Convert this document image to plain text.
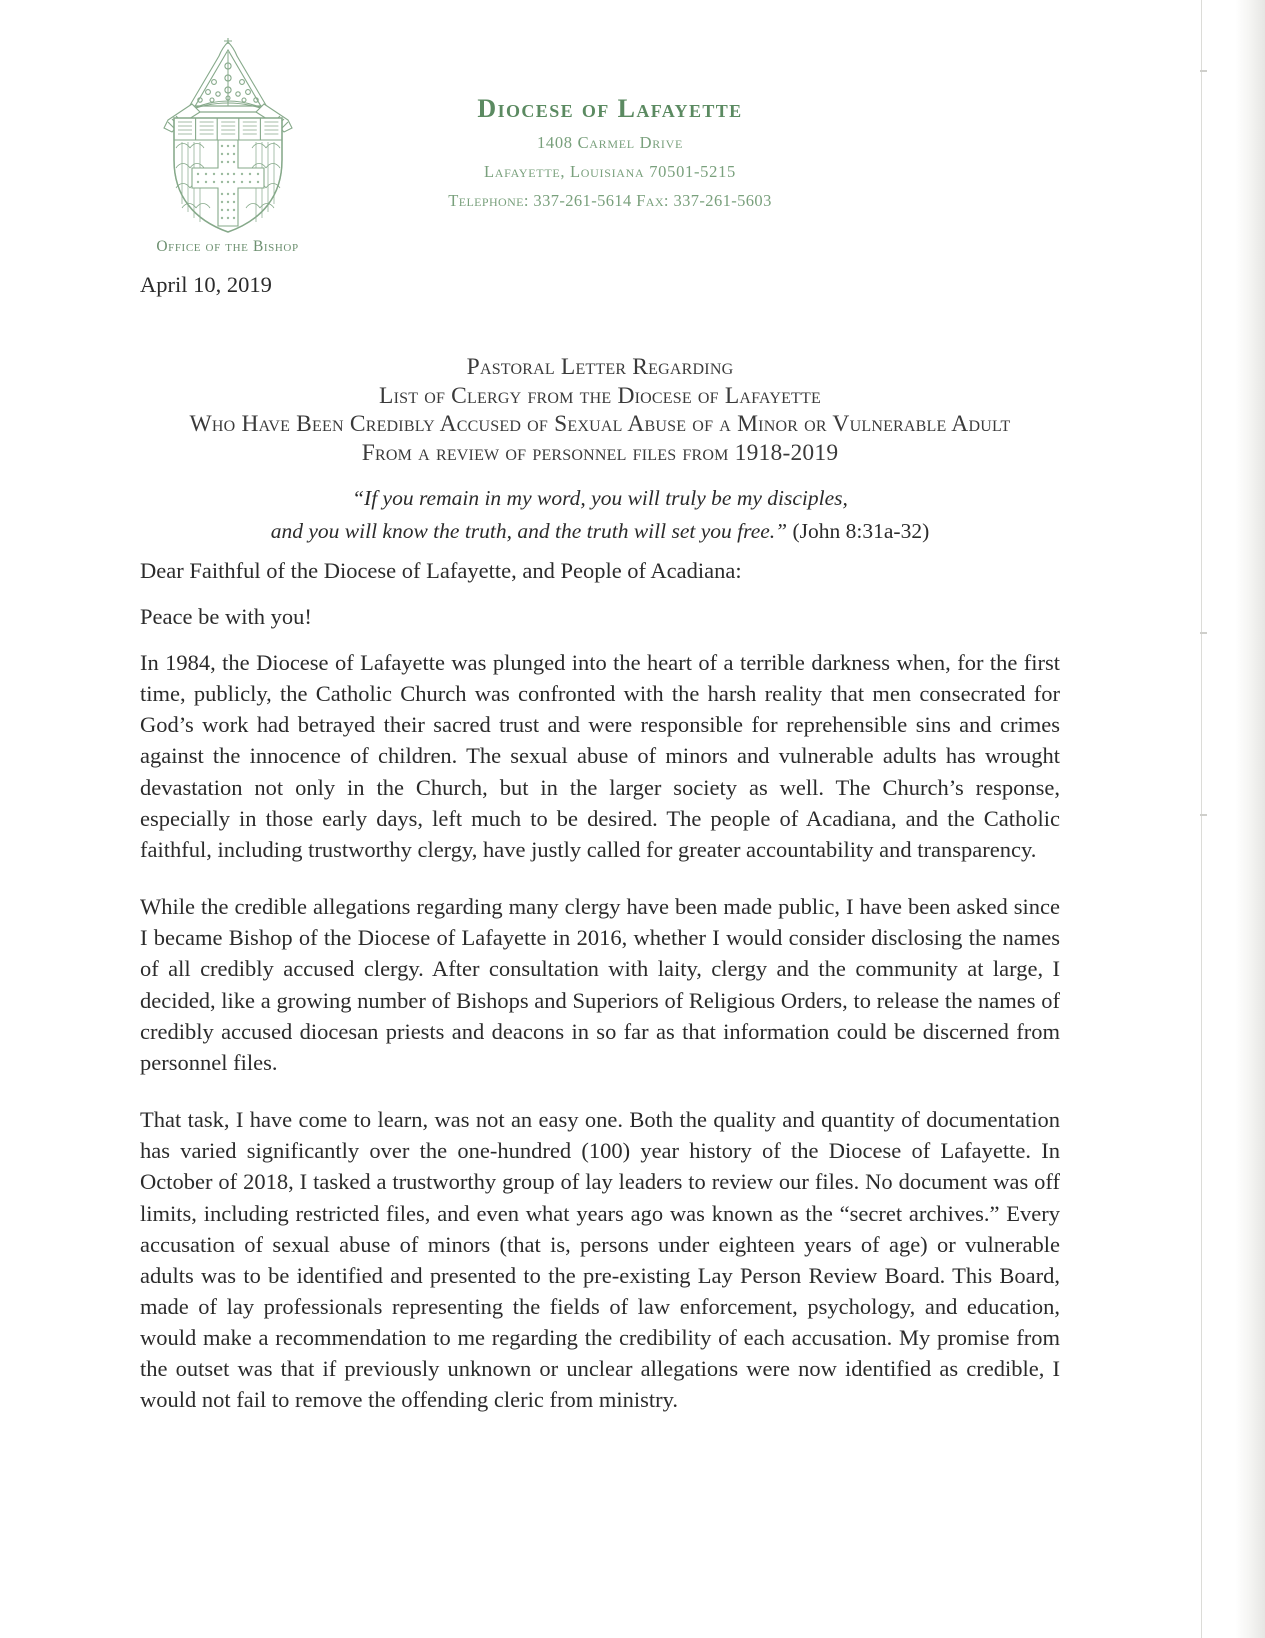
Office of the Bishop
Diocese of Lafayette
1408 Carmel Drive
Lafayette, Louisiana 70501-5215
Telephone: 337-261-5614 Fax: 337-261-5603
April 10, 2019
Pastoral Letter Regarding
List of Clergy from the Diocese of Lafayette
Who Have Been Credibly Accused of Sexual Abuse of a Minor or Vulnerable Adult
From a review of personnel files from 1918-2019
“If you remain in my word, you will truly be my disciples,
and you will know the truth, and the truth will set you free.” (John 8:31a-32)
Dear Faithful of the Diocese of Lafayette, and People of Acadiana:
Peace be with you!

In 1984, the Diocese of Lafayette was plunged into the heart of a terrible darkness when, for the first time, publicly, the Catholic Church was confronted with the harsh reality that men consecrated for God’s work had betrayed their sacred trust and were responsible for reprehensible sins and crimes against the innocence of children. The sexual abuse of minors and vulnerable adults has wrought devastation not only in the Church, but in the larger society as well. The Church’s response, especially in those early days, left much to be desired. The people of Acadiana, and the Catholic faithful, including trustworthy clergy, have justly called for greater accountability and transparency.

While the credible allegations regarding many clergy have been made public, I have been asked since I became Bishop of the Diocese of Lafayette in 2016, whether I would consider disclosing the names of all credibly accused clergy. After consultation with laity, clergy and the community at large, I decided, like a growing number of Bishops and Superiors of Religious Orders, to release the names of credibly accused diocesan priests and deacons in so far as that information could be discerned from personnel files.

That task, I have come to learn, was not an easy one. Both the quality and quantity of documentation has varied significantly over the one-hundred (100) year history of the Diocese of Lafayette. In October of 2018, I tasked a trustworthy group of lay leaders to review our files. No document was off limits, including restricted files, and even what years ago was known as the “secret archives.” Every accusation of sexual abuse of minors (that is, persons under eighteen years of age) or vulnerable adults was to be identified and presented to the pre-existing Lay Person Review Board. This Board, made of lay professionals representing the fields of law enforcement, psychology, and education, would make a recommendation to me regarding the credibility of each accusation. My promise from the outset was that if previously unknown or unclear allegations were now identified as credible, I would not fail to remove the offending cleric from ministry.
